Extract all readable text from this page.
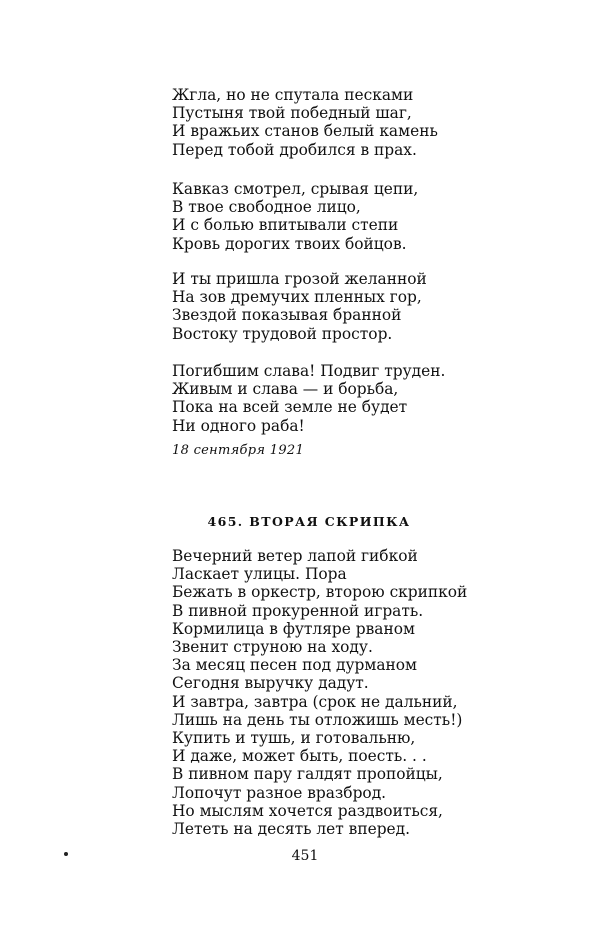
Жгла, но не спутала песками
Пустыня твой победный шаг,
И вражьих станов белый камень
Перед тобой дробился в прах.
Кавказ смотрел, срывая цепи,
В твое свободное лицо,
И с болью впитывали степи
Кровь дорогих твоих бойцов.
И ты пришла грозой желанной
На зов дремучих пленных гор,
Звездой показывая бранной
Востоку трудовой простор.
Погибшим слава! Подвиг труден.
Живым и слава — и борьба,
Пока на всей земле не будет
Ни одного раба!
18 сентября 1921
465. ВТОРАЯ СКРИПКА
Вечерний ветер лапой гибкой
Ласкает улицы. Пора
Бежать в оркестр, второю скрипкой
В пивной прокуренной играть.
Кормилица в футляре рваном
Звенит струною на ходу.
За месяц песен под дурманом
Сегодня выручку дадут.
И завтра, завтра (срок не дальний,
Лишь на день ты отложишь месть!)
Купить и тушь, и готовальню,
И даже, может быть, поесть. . .
В пивном пару галдят пропойцы,
Лопочут разное вразброд.
Но мыслям хочется раздвоиться,
Лететь на десять лет вперед.
451
